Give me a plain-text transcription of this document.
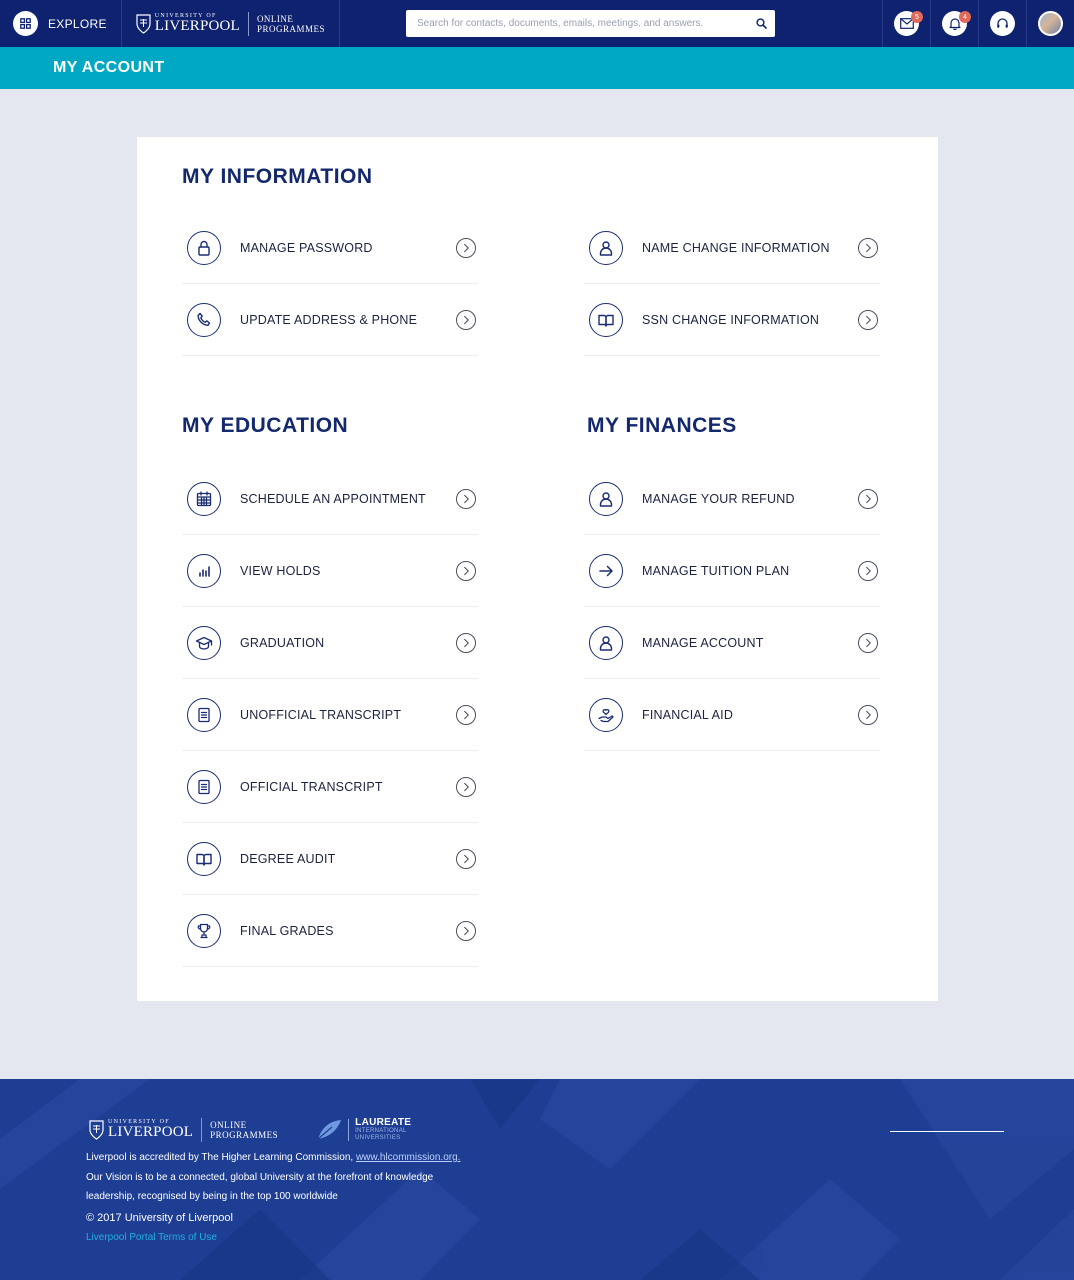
EXPLORE
UNIVERSITY OF
LIVERPOOL ONLINE
PROGRAMMES
Search for contacts, documents, emails, meetings, and answers.
5	4
MY ACCOUNT
MY INFORMATION
MY EDUCATION	MY FINANCES
MANAGE PASSWORD
UPDATE ADDRESS & PHONE
NAME CHANGE INFORMATION
SSN CHANGE INFORMATION
SCHEDULE AN APPOINTMENT
VIEW HOLDS
GRADUATION
UNOFFICIAL TRANSCRIPT
OFFICIAL TRANSCRIPT
DEGREE AUDIT
FINAL GRADES
MANAGE YOUR REFUND
MANAGE TUITION PLAN
MANAGE ACCOUNT
FINANCIAL AID
UNIVERSITY OF
LIVERPOOL ONLINE
PROGRAMMES
LAUREATE
INTERNATIONAL
UNIVERSITIES
Liverpool is accredited by The Higher Learning Commission, www.hlcommission.org.
Our Vision is to be a connected, global University at the forefront of knowledge
leadership, recognised by being in the top 100 worldwide
© 2017 University of Liverpool
Liverpool Portal Terms of Use
